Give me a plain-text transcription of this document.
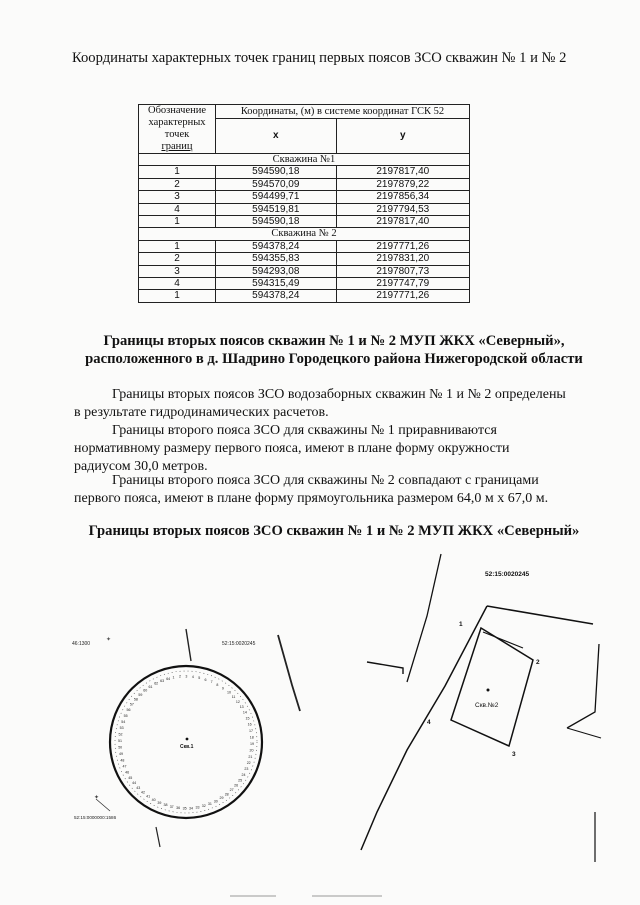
Координаты характерных точек границ первых поясов ЗСО скважин № 1 и № 2
Обозначение
характерных
точек
границ	Координаты, (м) в системе координат ГСК 52	
	x	y
Скважина №1		
1	594590,18	2197817,40
2	594570,09	2197879,22
3	594499,71	2197856,34
4	594519,81	2197794,53
1	594590,18	2197817,40
Скважина № 2		
1	594378,24	2197771,26
2	594355,83	2197831,20
3	594293,08	2197807,73
4	594315,49	2197747,79
1	594378,24	2197771,26
Границы вторых поясов скважин № 1 и № 2 МУП ЖКХ «Северный»,
расположенного в д. Шадрино Городецкого района Нижегородской области
Границы вторых поясов ЗСО водозаборных скважин № 1 и № 2 определены
в результате гидродинамических расчетов.
Границы второго пояса ЗСО для скважины № 1 приравниваются
нормативному размеру первого пояса, имеют в плане форму окружности
радиусом 30,0 метров.
Границы второго пояса ЗСО для скважины № 2 совпадают с границами
первого пояса, имеют в плане форму прямоугольника размером 64,0 м х 67,0 м.
Границы вторых поясов ЗСО скважин № 1 и № 2 МУП ЖКХ «Северный»
46:1300
✦
52:15:0020245
Скв.1
✦
52:15:0000000:1586
1 2 3 4 5 6
7
8
9
10
11
12
13
14
15
16
17
18
19
20
21
22
23
24
25
26
27
28
29
30
31
32
33
34
35
36
37
38
39
40
41
42
43
44
45
46
47
48
49
50
51
52
53
54
55
56
57
58
59
60
61
62
63
64
52:15:0020245
Скв.№2
1
2
3
4
